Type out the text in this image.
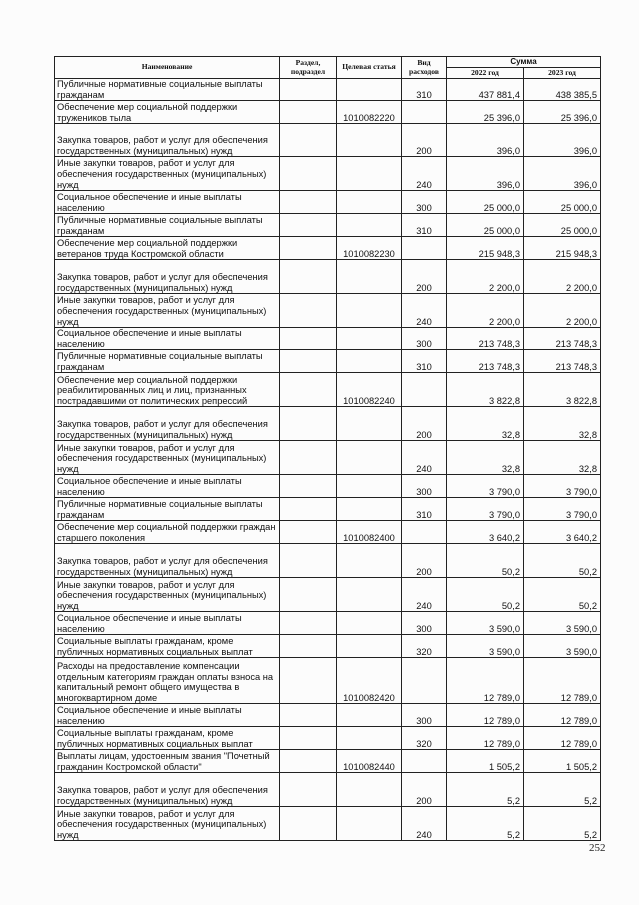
Наименование	Раздел, подраздел	Целевая статья	Вид расходов	Сумма	
				2022 год	2023 год
Публичные нормативные социальные выплаты гражданам			310	437 881,4	438 385,5
Обеспечение мер социальной поддержки тружеников тыла		1010082220		25 396,0	25 396,0
Закупка товаров, работ и услуг для обеспечения государственных (муниципальных) нужд			200	396,0	396,0
Иные закупки товаров, работ и услуг для обеспечения государственных (муниципальных) нужд			240	396,0	396,0
Социальное обеспечение и иные выплаты населению			300	25 000,0	25 000,0
Публичные нормативные социальные выплаты гражданам			310	25 000,0	25 000,0
Обеспечение мер социальной поддержки ветеранов труда Костромской области		1010082230		215 948,3	215 948,3
Закупка товаров, работ и услуг для обеспечения государственных (муниципальных) нужд			200	2 200,0	2 200,0
Иные закупки товаров, работ и услуг для обеспечения государственных (муниципальных) нужд			240	2 200,0	2 200,0
Социальное обеспечение и иные выплаты населению			300	213 748,3	213 748,3
Публичные нормативные социальные выплаты гражданам			310	213 748,3	213 748,3
Обеспечение мер социальной поддержки реабилитированных лиц и лиц, признанных пострадавшими от политических репрессий		1010082240		3 822,8	3 822,8
Закупка товаров, работ и услуг для обеспечения государственных (муниципальных) нужд			200	32,8	32,8
Иные закупки товаров, работ и услуг для обеспечения государственных (муниципальных) нужд			240	32,8	32,8
Социальное обеспечение и иные выплаты населению			300	3 790,0	3 790,0
Публичные нормативные социальные выплаты гражданам			310	3 790,0	3 790,0
Обеспечение мер социальной поддержки граждан старшего поколения		1010082400		3 640,2	3 640,2
Закупка товаров, работ и услуг для обеспечения государственных (муниципальных) нужд			200	50,2	50,2
Иные закупки товаров, работ и услуг для обеспечения государственных (муниципальных) нужд			240	50,2	50,2
Социальное обеспечение и иные выплаты населению			300	3 590,0	3 590,0
Социальные выплаты гражданам, кроме публичных нормативных социальных выплат			320	3 590,0	3 590,0
Расходы на предоставление компенсации отдельным категориям граждан оплаты взноса на капитальный ремонт общего имущества в многоквартирном доме		1010082420		12 789,0	12 789,0
Социальное обеспечение и иные выплаты населению			300	12 789,0	12 789,0
Социальные выплаты гражданам, кроме публичных нормативных социальных выплат			320	12 789,0	12 789,0
Выплаты лицам, удостоенным звания "Почетный гражданин Костромской области"		1010082440		1 505,2	1 505,2
Закупка товаров, работ и услуг для обеспечения государственных (муниципальных) нужд			200	5,2	5,2
Иные закупки товаров, работ и услуг для обеспечения государственных (муниципальных) нужд			240	5,2	5,2
252
